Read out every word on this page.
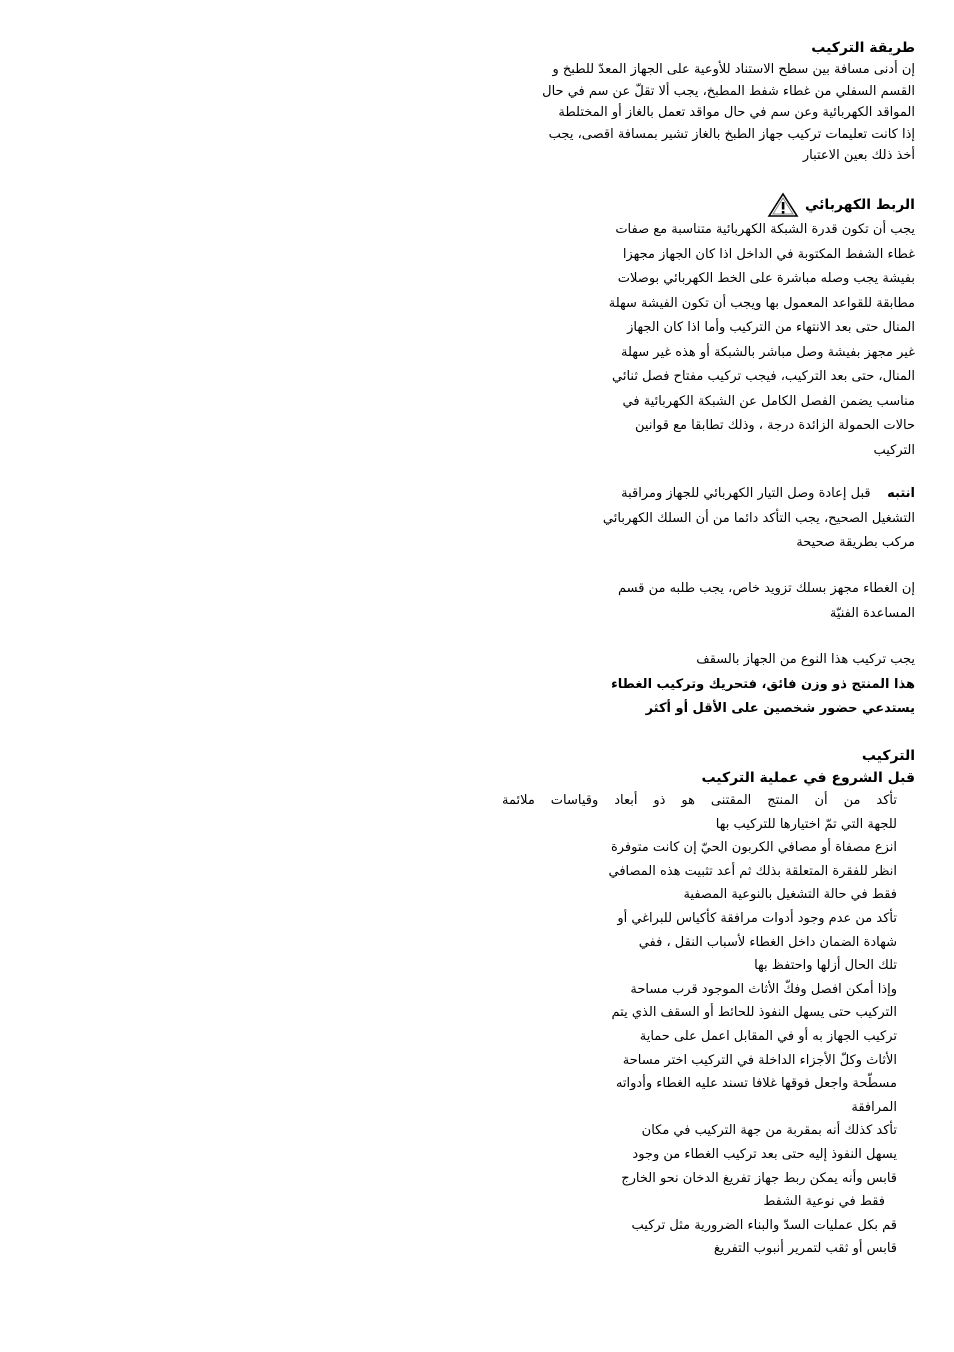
طريقة التركيب

إن أدنى مسافة بين سطح الاستناد للأوعية على الجهاز المعدّ للطبخ و

القسم السفلي من غطاء شفط المطبخ، يجب ألا تقلّ عن سم في حال

المواقد الكهربائية وعن سم في حال مواقد تعمل بالغاز أو المختلطة

إذا كانت تعليمات تركيب جهاز الطبخ بالغاز تشير بمسافة اقصى، يجب

أخذ ذلك بعين الاعتبار

الربط الكهربائي

يجب أن تكون قدرة الشبكة الكهربائية متناسبة مع صفات

غطاء الشفط المكتوبة في الداخل اذا كان الجهاز مجهزا

بفيشة يجب وصله مباشرة على الخط الكهربائي بوصلات

مطابقة للقواعد المعمول بها ويجب أن تكون الفيشة سهلة

المنال حتى بعد الانتهاء من التركيب وأما اذا كان الجهاز

غير مجهز بفيشة وصل مباشر بالشبكة أو هذه غير سهلة

المنال، حتى بعد التركيب، فيجب تركيب مفتاح فصل ثنائي

مناسب يضمن الفصل الكامل عن الشبكة الكهربائية في

حالات الحمولة الزائدة درجة ، وذلك تطابقا مع قوانين

التركيب

انتبه    قبل إعادة وصل التيار الكهربائي للجهاز ومراقبة

التشغيل الصحيح، يجب التأكد دائما من أن السلك الكهربائي

مركب بطريقة صحيحة

إن الغطاء مجهز بسلك تزويد خاص، يجب طلبه من قسم

المساعدة الفنيّة

يجب تركيب هذا النوع من الجهاز بالسقف

هذا المنتج ذو وزن فائق، فتحريك وتركيب الغطاء

يستدعي حضور شخصين على الأقل أو أكثر

التركيب

قبل الشروع في عملية التركيب

تأكد من أن المنتج المقتنى هو ذو أبعاد وقياسات ملائمة

للجهة التي تمّ اختيارها للتركيب بها

انزع مصفاة أو مصافي الكربون الحيّ إن كانت متوفرة

انظر للفقرة المتعلقة بذلك ثم أعد تثبيت هذه المصافي

فقط في حالة التشغيل بالنوعية المصفية

تأكد من عدم وجود أدوات مرافقة كأكياس للبراغي أو

شهادة الضمان داخل الغطاء لأسباب النقل ، ففي

تلك الحال أزلها واحتفظ بها

وإذا أمكن افصل وفكّ الأثاث الموجود قرب مساحة

التركيب حتى يسهل النفوذ للحائط أو السقف الذي يتم

تركيب الجهاز به أو في المقابل اعمل على حماية

الأثاث وكلّ الأجزاء الداخلة في التركيب اختر مساحة

مسطّحة واجعل فوقها غلافا تسند عليه الغطاء وأدواته

المرافقة

تأكد كذلك أنه بمقربة من جهة التركيب في مكان

يسهل النفوذ إليه حتى بعد تركيب الغطاء من وجود

قابس وأنه يمكن ربط جهاز تفريغ الدخان نحو الخارج

فقط في نوعية الشفط

قم بكل عمليات السدّ والبناء الضرورية مثل تركيب

قابس أو ثقب لتمرير أنبوب التفريغ
